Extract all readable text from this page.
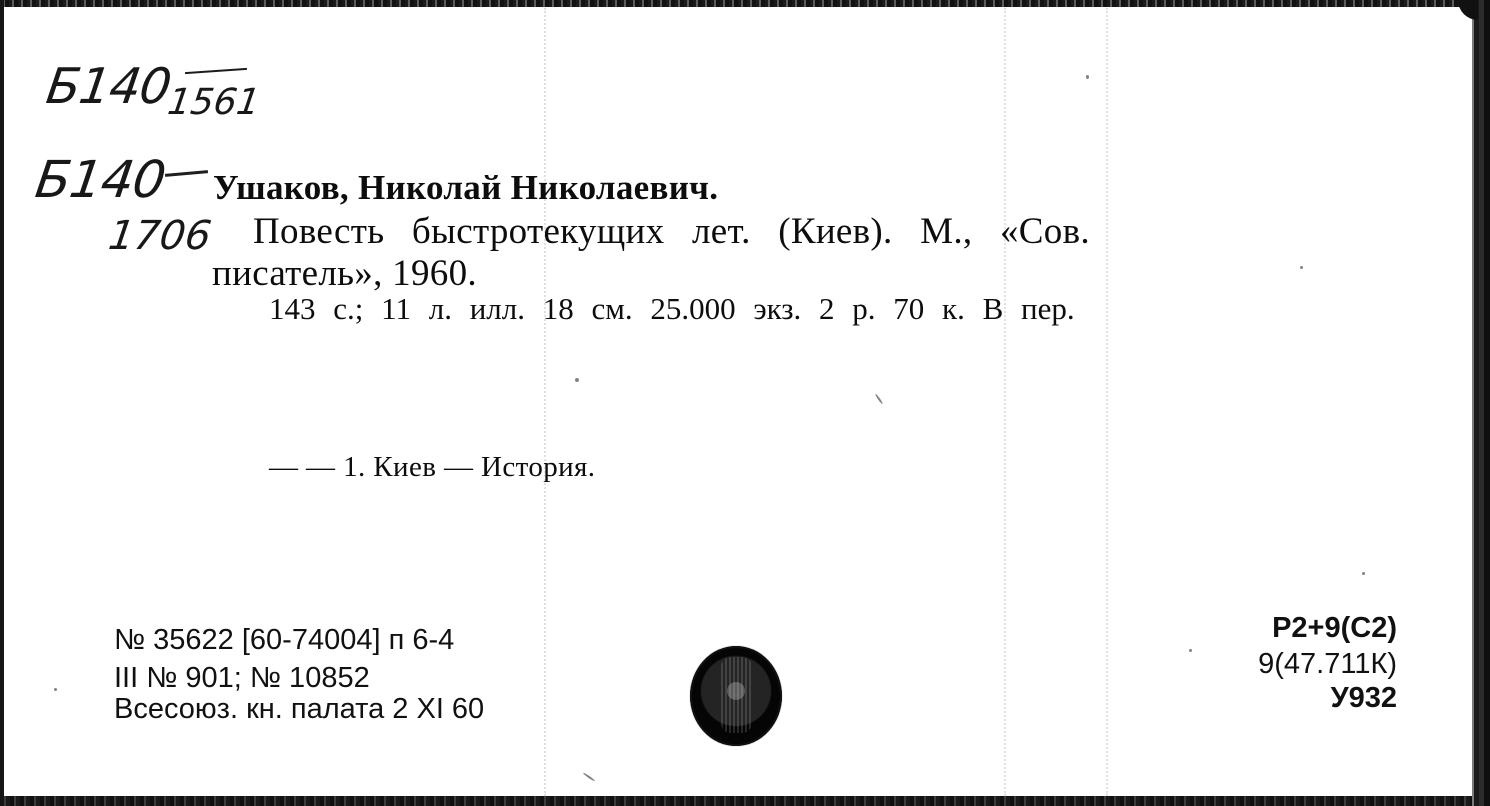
Б140
1561
Б140
1706
Ушаков, Николай Николаевич.
Повесть быстротекущих лет. (Киев). М., «Сов.
писатель», 1960.
143 с.; 11 л. илл. 18 см. 25.000 экз. 2 р. 70 к. В пер.
— — 1. Киев — История.
№ 35622 [60-74004] п 6-4
III № 901; № 10852
Всесоюз. кн. палата 2 XI 60
Р2+9(С2)
9(47.711К)
У932
